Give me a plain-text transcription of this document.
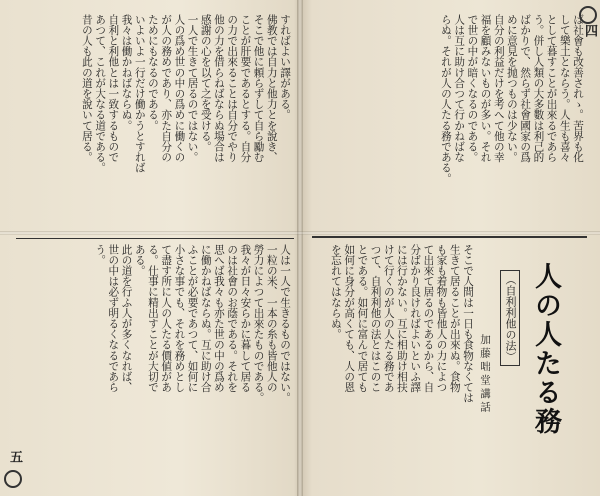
ば社會も改善されゝ。苦界も化
して樂土とならう。人生も喜々
として暮すことが出來るであら
う。併し人類の大多數は利己的
ばかりで、然らず社會國家の爲
めに意見を抛つものは少ない。
自分の利益だけを考へて他の幸
福を顧みないものが多い。それ
で世の中が暗くなるのである。
人は互に助け合つて行かねばな
らぬ。それが人の人たる務である。
人の人たる務
（自利利他の法）
加藤咄堂講話
そこで人間は一日も食物なくては
生きて居ることが出來ぬ。食物
も家も着物も皆他人の力によつ
て出來て居るのであるから、自
分ばかり良ければよいといふ譯
には行かない。互に相助け相扶
けて行くのが人の人たる務であ
つて、自利利他の法とはこのこ
とである。如何に富んで居ても
如何に身分が高くても、人の恩
を忘れてはならぬ。
すればよい譯がある。
佛教では自力と他力とを說き、
そこで他に頼らずして自ら勵む
ことが肝要であるとする。自分
の力で出來ることは自分でやり
他の力を借らねばならぬ場合は
感謝の心を以て之を受ける。
一人で生きて居るのではない。
人の爲め世の中の爲めに働くの
が人の務めであり、亦た自分の
ためにもなるのである。
いよいよ一行だけ働かうとすれば
我々は働かねばならぬ。
自利と利他とは一致するもので
あつて、これが大なる道である。
昔の人も此の道を說いて居る。
人は一人で生きるものではない。
一粒の米、一本の糸も皆他人の
勞力によつて出來たものである。
我々が日々安らかに暮して居る
のは社會のお蔭である。それを
思へば我々も亦た世の中の爲め
に働かねばならぬ。互に助け合
ふことが必要であつて、如何に
小さな事でも、それを務めとし
て盡す所に人の人たる價値があ
る。仕事に精出すことが大切で
ある。
此の道を行ふ人が多くなれば、
世の中は必ず明るくなるであら
う。
四
五
